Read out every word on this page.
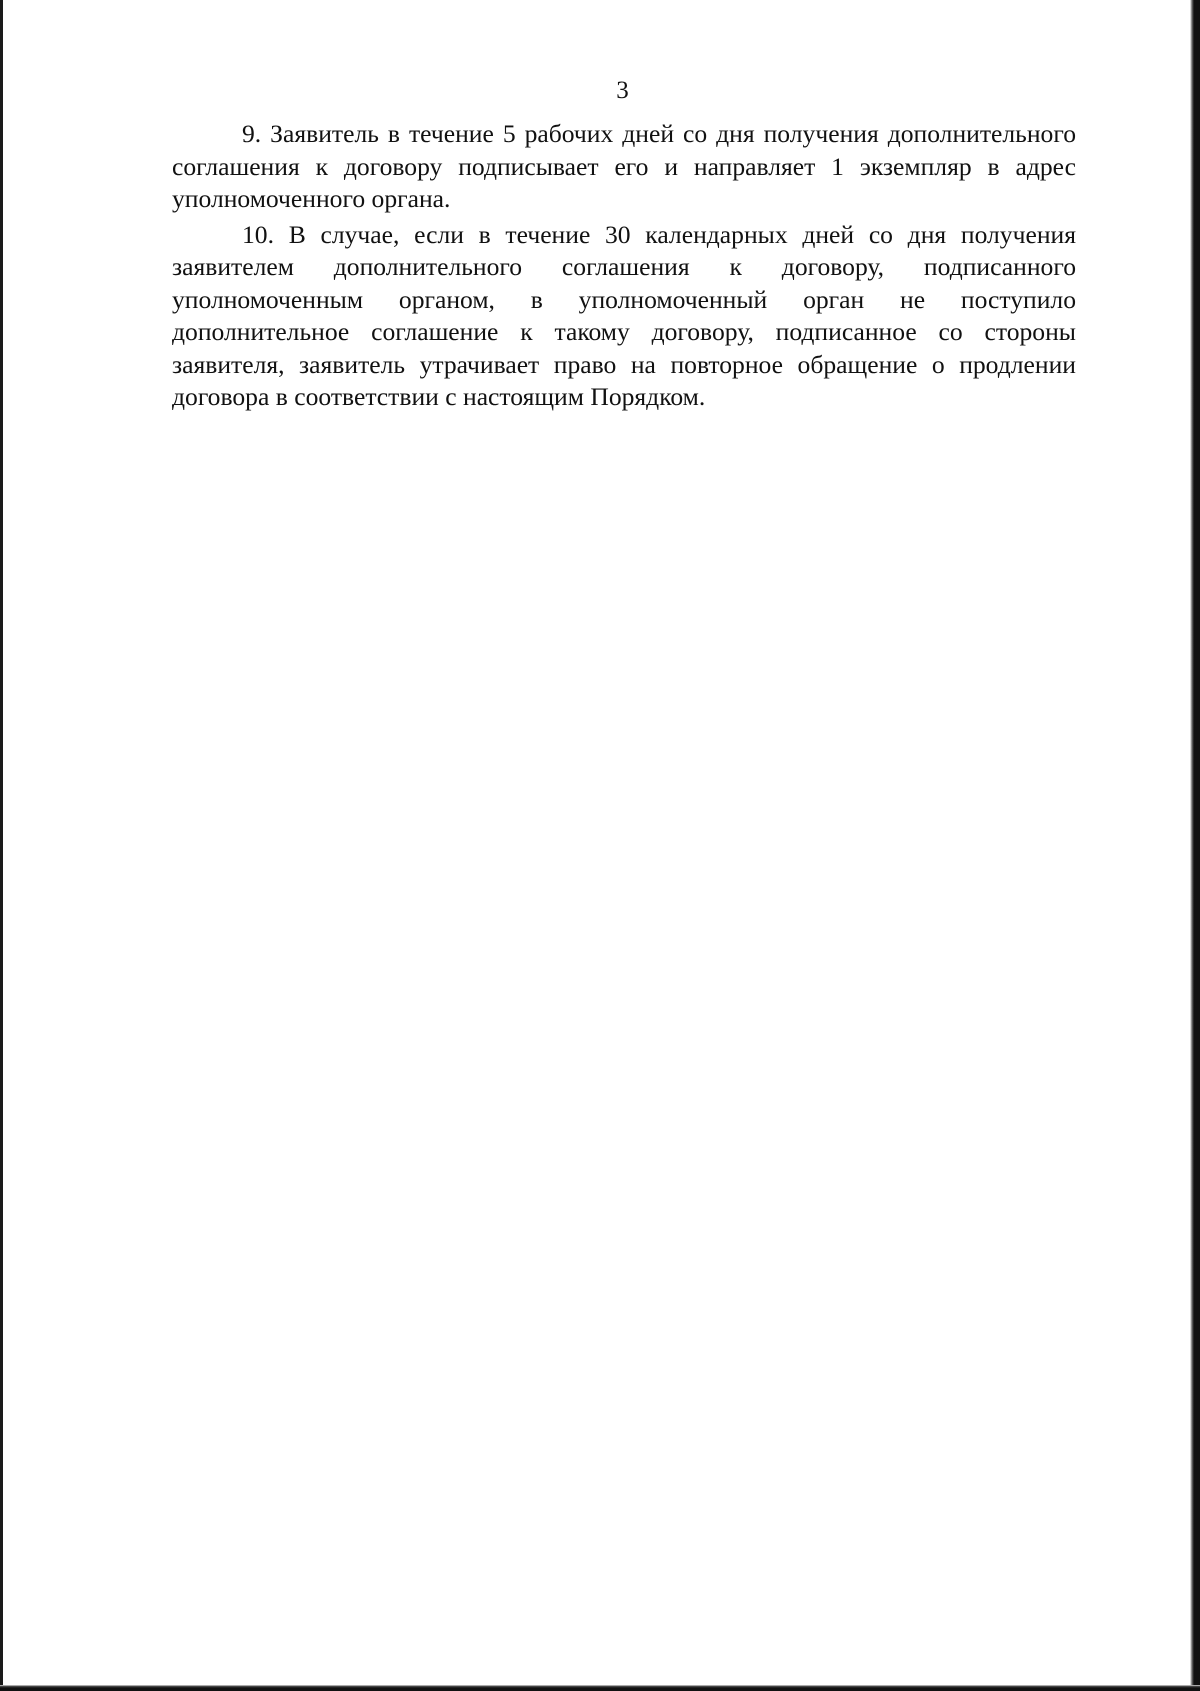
3

9. Заявитель в течение 5 рабочих дней со дня получения дополнительного соглашения к договору подписывает его и направляет 1 экземпляр в адрес уполномоченного органа.

10. В случае, если в течение 30 календарных дней со дня получения заявителем дополнительного соглашения к договору, подписанного уполномоченным органом, в уполномоченный орган не поступило дополнительное соглашение к такому договору, подписанное со стороны заявителя, заявитель утрачивает право на повторное обращение о продлении договора в соответствии с настоящим Порядком.
